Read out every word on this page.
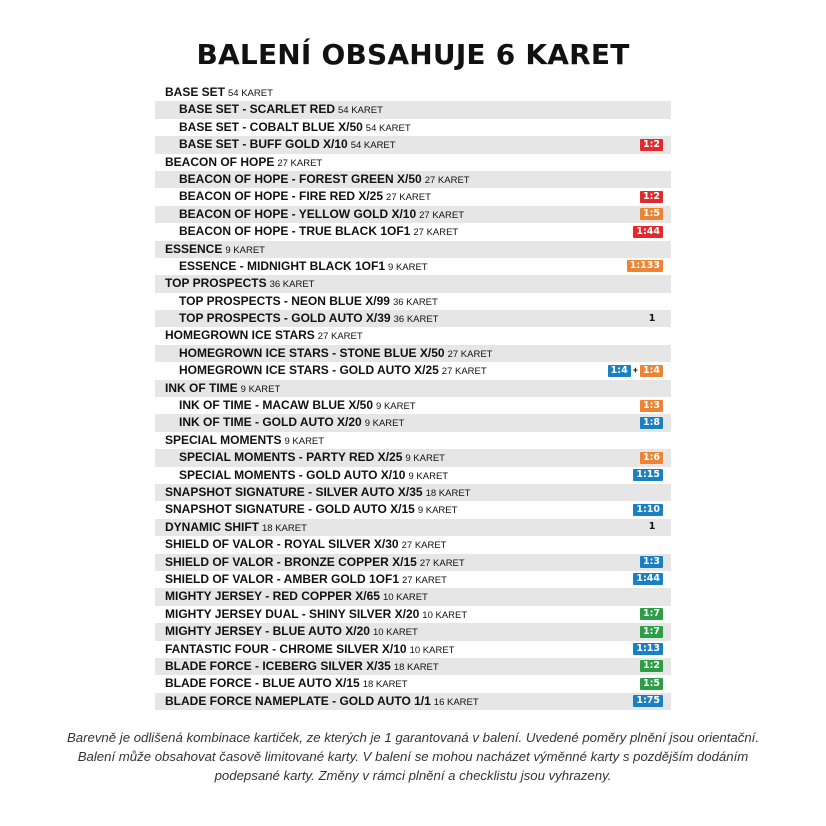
BALENÍ OBSAHUJE 6 KARET
BASE SET 54 KARET
BASE SET - SCARLET RED 54 KARET
BASE SET - COBALT BLUE X/50 54 KARET
BASE SET - BUFF GOLD X/10 54 KARET	1:2
BEACON OF HOPE 27 KARET
BEACON OF HOPE - FOREST GREEN X/50 27 KARET
BEACON OF HOPE - FIRE RED X/25 27 KARET	1:2
BEACON OF HOPE - YELLOW GOLD X/10 27 KARET	1:5
BEACON OF HOPE - TRUE BLACK 1OF1 27 KARET	1:44
ESSENCE 9 KARET
ESSENCE - MIDNIGHT BLACK 1OF1 9 KARET	1:133
TOP PROSPECTS 36 KARET
TOP PROSPECTS - NEON BLUE X/99 36 KARET
TOP PROSPECTS - GOLD AUTO X/39 36 KARET	1
HOMEGROWN ICE STARS 27 KARET
HOMEGROWN ICE STARS - STONE BLUE X/50 27 KARET
HOMEGROWN ICE STARS - GOLD AUTO X/25 27 KARET	1:4 + 1:4
INK OF TIME 9 KARET
INK OF TIME - MACAW BLUE X/50 9 KARET	1:3
INK OF TIME - GOLD AUTO X/20 9 KARET	1:8
SPECIAL MOMENTS 9 KARET
SPECIAL MOMENTS - PARTY RED X/25 9 KARET	1:6
SPECIAL MOMENTS - GOLD AUTO X/10 9 KARET	1:15
SNAPSHOT SIGNATURE - SILVER AUTO X/35 18 KARET
SNAPSHOT SIGNATURE - GOLD AUTO X/15 9 KARET	1:10
DYNAMIC SHIFT 18 KARET	1
SHIELD OF VALOR - ROYAL SILVER X/30 27 KARET
SHIELD OF VALOR - BRONZE COPPER X/15 27 KARET	1:3
SHIELD OF VALOR - AMBER GOLD 1OF1 27 KARET	1:44
MIGHTY JERSEY - RED COPPER X/65 10 KARET
MIGHTY JERSEY DUAL - SHINY SILVER X/20 10 KARET	1:7
MIGHTY JERSEY - BLUE AUTO X/20 10 KARET	1:7
FANTASTIC FOUR - CHROME SILVER X/10 10 KARET	1:13
BLADE FORCE - ICEBERG SILVER X/35 18 KARET	1:2
BLADE FORCE - BLUE AUTO X/15 18 KARET	1:5
BLADE FORCE NAMEPLATE - GOLD AUTO 1/1 16 KARET	1:75
Barevně je odlišená kombinace kartiček, ze kterých je 1 garantovaná v balení. Uvedené poměry plnění jsou orientační. Balení může obsahovat časově limitované karty. V balení se mohou nacházet výměnné karty s pozdějším dodáním podepsané karty. Změny v rámci plnění a checklistu jsou vyhrazeny.
